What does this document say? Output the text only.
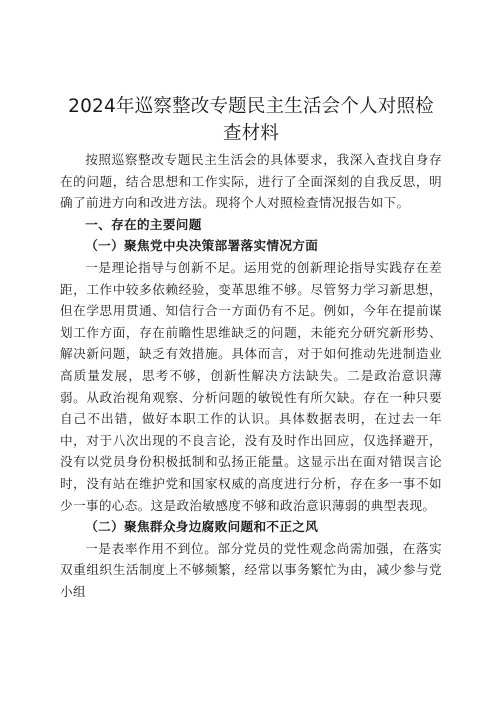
2024年巡察整改专题民主生活会个人对照检
查材料

按照巡察整改专题民主生活会的具体要求，我深入查找自身存在的问题，结合思想和工作实际，进行了全面深刻的自我反思，明确了前进方向和改进方法。现将个人对照检查情况报告如下。

一、存在的主要问题

（一）聚焦党中央决策部署落实情况方面

一是理论指导与创新不足。运用党的创新理论指导实践存在差距，工作中较多依赖经验，变革思维不够。尽管努力学习新思想，但在学思用贯通、知信行合一方面仍有不足。例如，今年在提前谋划工作方面，存在前瞻性思维缺乏的问题，未能充分研究新形势、解决新问题，缺乏有效措施。具体而言，对于如何推动先进制造业高质量发展，思考不够，创新性解决方法缺失。二是政治意识薄弱。从政治视角观察、分析问题的敏锐性有所欠缺。存在一种只要自己不出错，做好本职工作的认识。具体数据表明，在过去一年中，对于八次出现的不良言论，没有及时作出回应，仅选择避开，没有以党员身份积极抵制和弘扬正能量。这显示出在面对错误言论时，没有站在维护党和国家权威的高度进行分析，存在多一事不如少一事的心态。这是政治敏感度不够和政治意识薄弱的典型表现。

（二）聚焦群众身边腐败问题和不正之风

一是表率作用不到位。部分党员的党性观念尚需加强，在落实双重组织生活制度上不够频繁，经常以事务繁忙为由，减少参与党小组
